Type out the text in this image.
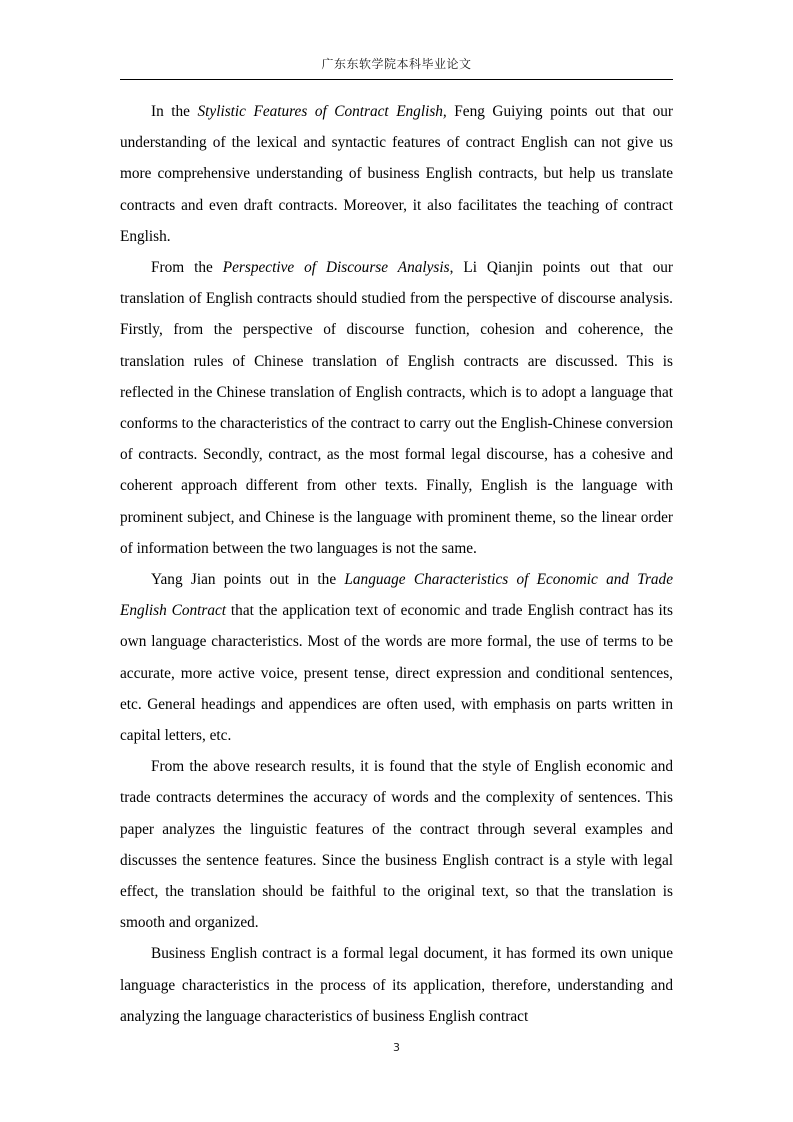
广东东软学院本科毕业论文

In the Stylistic Features of Contract English, Feng Guiying points out that our understanding of the lexical and syntactic features of contract English can not give us more comprehensive understanding of business English contracts, but help us translate contracts and even draft contracts. Moreover, it also facilitates the teaching of contract English.

From the Perspective of Discourse Analysis, Li Qianjin points out that our translation of English contracts should studied from the perspective of discourse analysis. Firstly, from the perspective of discourse function, cohesion and coherence, the translation rules of Chinese translation of English contracts are discussed. This is reflected in the Chinese translation of English contracts, which is to adopt a language that conforms to the characteristics of the contract to carry out the English-Chinese conversion of contracts. Secondly, contract, as the most formal legal discourse, has a cohesive and coherent approach different from other texts. Finally, English is the language with prominent subject, and Chinese is the language with prominent theme, so the linear order of information between the two languages is not the same.

Yang Jian points out in the Language Characteristics of Economic and Trade English Contract that the application text of economic and trade English contract has its own language characteristics. Most of the words are more formal, the use of terms to be accurate, more active voice, present tense, direct expression and conditional sentences, etc. General headings and appendices are often used, with emphasis on parts written in capital letters, etc.

From the above research results, it is found that the style of English economic and trade contracts determines the accuracy of words and the complexity of sentences. This paper analyzes the linguistic features of the contract through several examples and discusses the sentence features. Since the business English contract is a style with legal effect, the translation should be faithful to the original text, so that the translation is smooth and organized.

Business English contract is a formal legal document, it has formed its own unique language characteristics in the process of its application, therefore, understanding and analyzing the language characteristics of business English contract

3
